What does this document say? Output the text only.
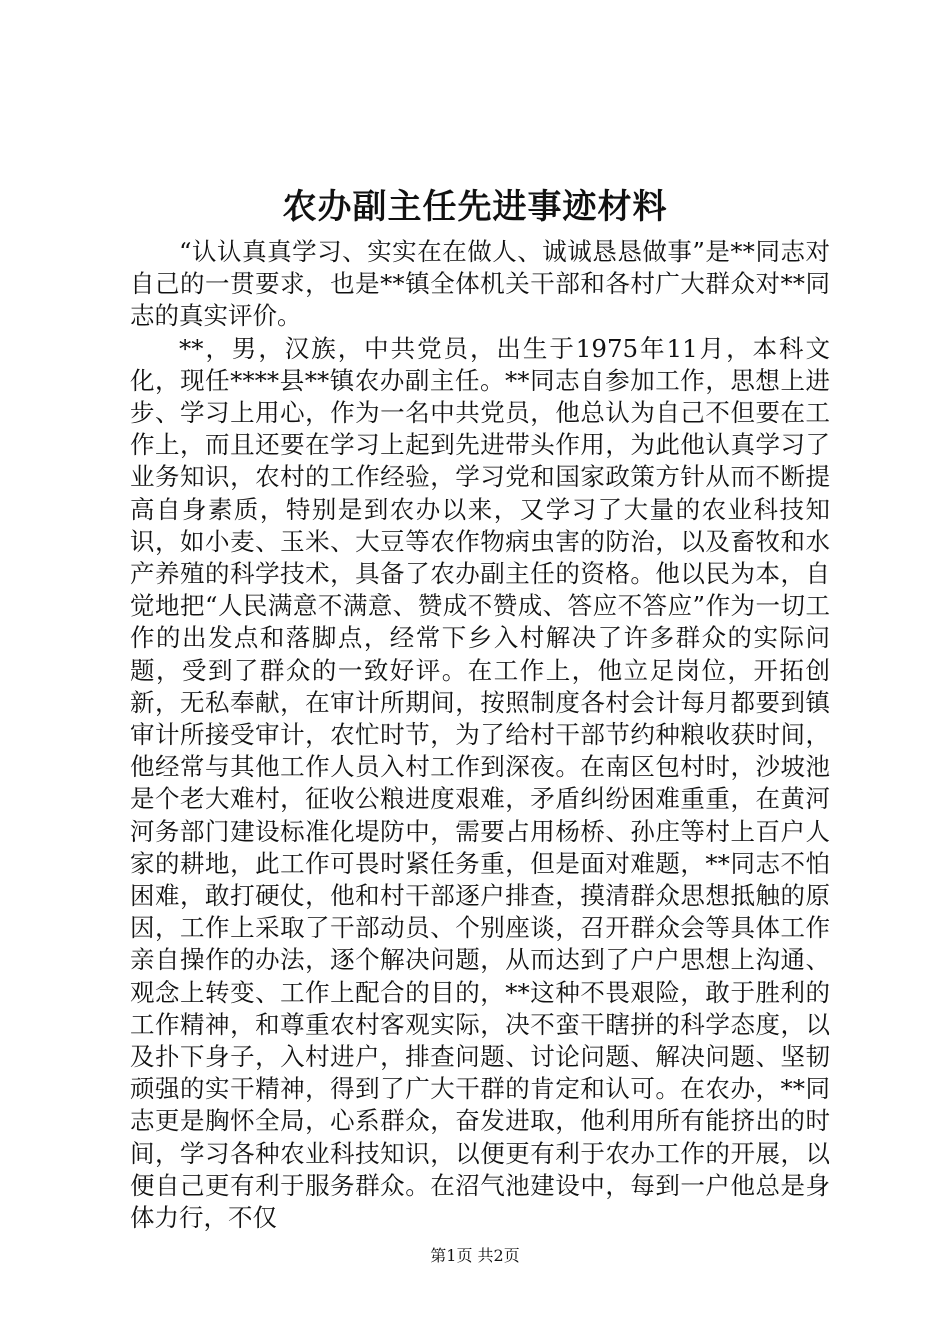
农办副主任先进事迹材料

“认认真真学习、实实在在做人、诚诚恳恳做事”是**同志对自己的一贯要求，也是**镇全体机关干部和各村广大群众对**同志的真实评价。

**，男，汉族，中共党员，出生于1975年11月，本科文化，现任****县**镇农办副主任。**同志自参加工作，思想上进步、学习上用心，作为一名中共党员，他总认为自己不但要在工作上，而且还要在学习上起到先进带头作用，为此他认真学习了业务知识，农村的工作经验，学习党和国家政策方针从而不断提高自身素质，特别是到农办以来，又学习了大量的农业科技知识，如小麦、玉米、大豆等农作物病虫害的防治，以及畜牧和水产养殖的科学技术，具备了农办副主任的资格。他以民为本，自觉地把“人民满意不满意、赞成不赞成、答应不答应”作为一切工作的出发点和落脚点，经常下乡入村解决了许多群众的实际问题，受到了群众的一致好评。在工作上，他立足岗位，开拓创新，无私奉献，在审计所期间，按照制度各村会计每月都要到镇审计所接受审计，农忙时节，为了给村干部节约种粮收获时间，他经常与其他工作人员入村工作到深夜。在南区包村时，沙坡池是个老大难村，征收公粮进度艰难，矛盾纠纷困难重重，在黄河河务部门建设标准化堤防中，需要占用杨桥、孙庄等村上百户人家的耕地，此工作可畏时紧任务重，但是面对难题，**同志不怕困难，敢打硬仗，他和村干部逐户排查，摸清群众思想抵触的原因，工作上采取了干部动员、个别座谈，召开群众会等具体工作亲自操作的办法，逐个解决问题，从而达到了户户思想上沟通、观念上转变、工作上配合的目的，**这种不畏艰险，敢于胜利的工作精神，和尊重农村客观实际，决不蛮干瞎拼的科学态度，以及扑下身子，入村进户，排查问题、讨论问题、解决问题、坚韧顽强的实干精神，得到了广大干群的肯定和认可。在农办，**同志更是胸怀全局，心系群众，奋发进取，他利用所有能挤出的时间，学习各种农业科技知识，以便更有利于农办工作的开展，以便自己更有利于服务群众。在沼气池建设中，每到一户他总是身体力行，不仅

第1页 共2页
